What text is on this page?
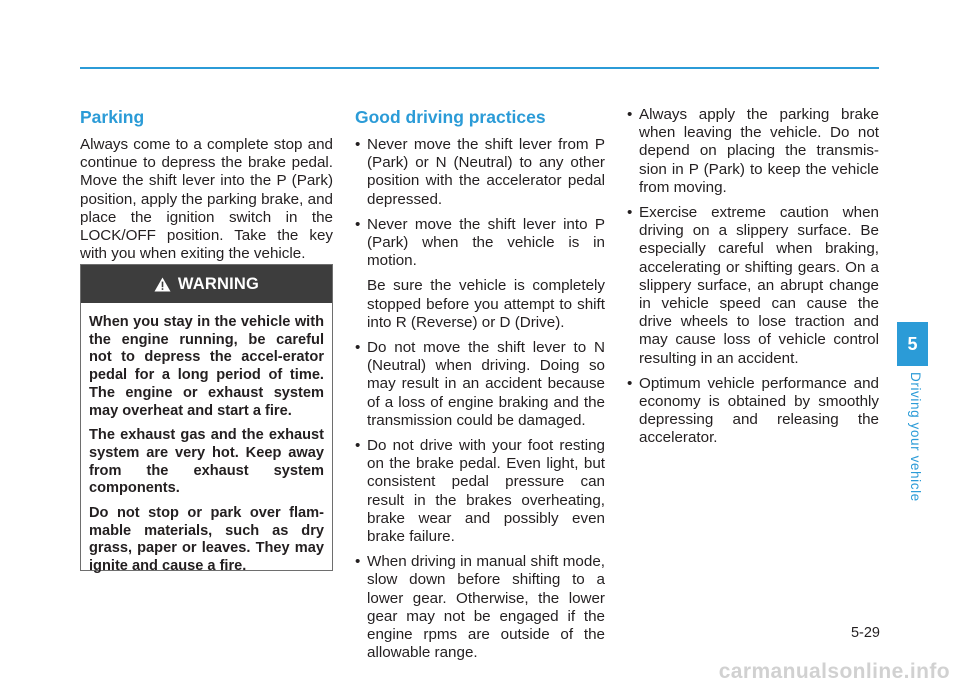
Parking

Always come to a complete stop and continue to depress the brake pedal. Move the shift lever into the P (Park) position, apply the parking brake, and place the ignition switch in the LOCK/OFF position. Take the key with you when exiting the vehicle.

WARNING

When you stay in the vehicle with the engine running, be careful not to depress the accel-erator pedal for a long period of time. The engine or exhaust system may overheat and start a fire.

The exhaust gas and the exhaust system are very hot. Keep away from the exhaust system components.

Do not stop or park over flam-mable materials, such as dry grass, paper or leaves. They may ignite and cause a fire.

Good driving practices

• Never move the shift lever from P (Park) or N (Neutral) to any other position with the accelerator pedal depressed.

• Never move the shift lever into P (Park) when the vehicle is in motion.

Be sure the vehicle is completely stopped before you attempt to shift into R (Reverse) or D (Drive).

• Do not move the shift lever to N (Neutral) when driving. Doing so may result in an accident because of a loss of engine braking and the transmission could be damaged.

• Do not drive with your foot resting on the brake pedal. Even light, but consistent pedal pressure can result in the brakes overheating, brake wear and possibly even brake failure.

• When driving in manual shift mode, slow down before shifting to a lower gear. Otherwise, the lower gear may not be engaged if the engine rpms are outside of the allowable range.

• Always apply the parking brake when leaving the vehicle. Do not depend on placing the transmis-sion in P (Park) to keep the vehicle from moving.

• Exercise extreme caution when driving on a slippery surface. Be especially careful when braking, accelerating or shifting gears. On a slippery surface, an abrupt change in vehicle speed can cause the drive wheels to lose traction and may cause loss of vehicle control resulting in an accident.

• Optimum vehicle performance and economy is obtained by smoothly depressing and releasing the accelerator.

5
Driving your vehicle
5-29
carmanualsonline.info
